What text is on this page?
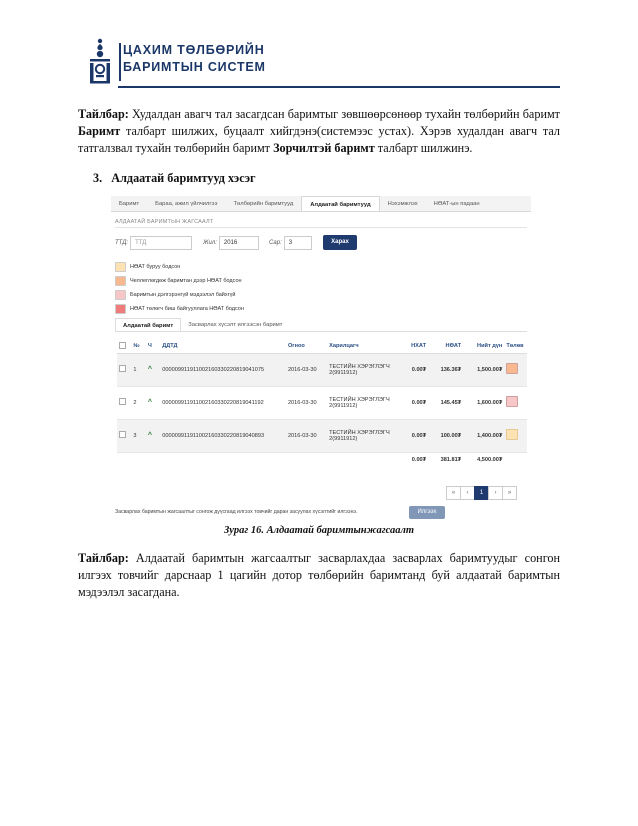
ЦАХИМ ТӨЛБӨРИЙН
БАРИМТЫН СИСТЕМ
Тайлбар: Худалдан авагч тал засагдсан баримтыг зөвшөөрсөнөөр тухайн төлбөрийн баримт Баримт талбарт шилжих, буцаалт хийгдэнэ(системээс устах). Хэрэв худалдан авагч тал татгалзвал тухайн төлбөрийн баримт Зорчилтэй баримт талбарт шилжинэ.
3. Алдаатай баримтууд хэсэг
Баримт	Бараа, ажил үйлчилгээ	Төлбөрийн баримтууд	Алдаатай баримтууд	Нэхэмжлэх	НӨАТ-ын падаан
АЛДААТАЙ БАРИМТЫН ЖАГСААЛТ
ТТД:	ТТД	Жил:	2016	Сар:	3	Харах
НӨАТ буруу бодсон
Челлеглөгдөж баримтан дээр НӨАТ бодсон
Баримтын дэлгэрэнгүй мэдээлэл байхгүй
НӨАТ төлөгч биш байгууллага НӨАТ бодсон
Алдаатай баримт	Засварлах хүсэлт илгээсэн баримт
	№	Ч	ДДТД	Огноо	Харилцагч	НХАТ	НӨАТ	Нийт дүн	Төлөв
	1	^	000009911911002160330220819041075	2016-03-30	ТЕСТИЙН ХЭРЭГЛЭГЧ 2(9911912)	0.00₮	136.36₮	1,500.00₮	
	2	^	000009911911002160330220819041192	2016-03-30	ТЕСТИЙН ХЭРЭГЛЭГЧ 2(9911912)	0.00₮	145.45₮	1,600.00₮	
	3	^	000009911911002160330220819040893	2016-03-30	ТЕСТИЙН ХЭРЭГЛЭГЧ 2(9911912)	0.00₮	100.00₮	1,400.00₮	
						0.00₮	381.81₮	4,500.00₮	
«	‹	1	›	»
Засварлах баримтын жагсаалтыг сонгож дүүсгаад илгээх товчийг даран засуулах хүсэлтийг илгээнэ.	Илгээх
Зураг 16. Алдаатай баримтынжагсаалт
Тайлбар: Алдаатай баримтын жагсаалтыг засварлахдаа засварлах баримтуудыг сонгон илгээх товчийг дарснаар 1 цагийн дотор төлбөрийн баримтанд буй алдаатай баримтын мэдээлэл засагдана.
